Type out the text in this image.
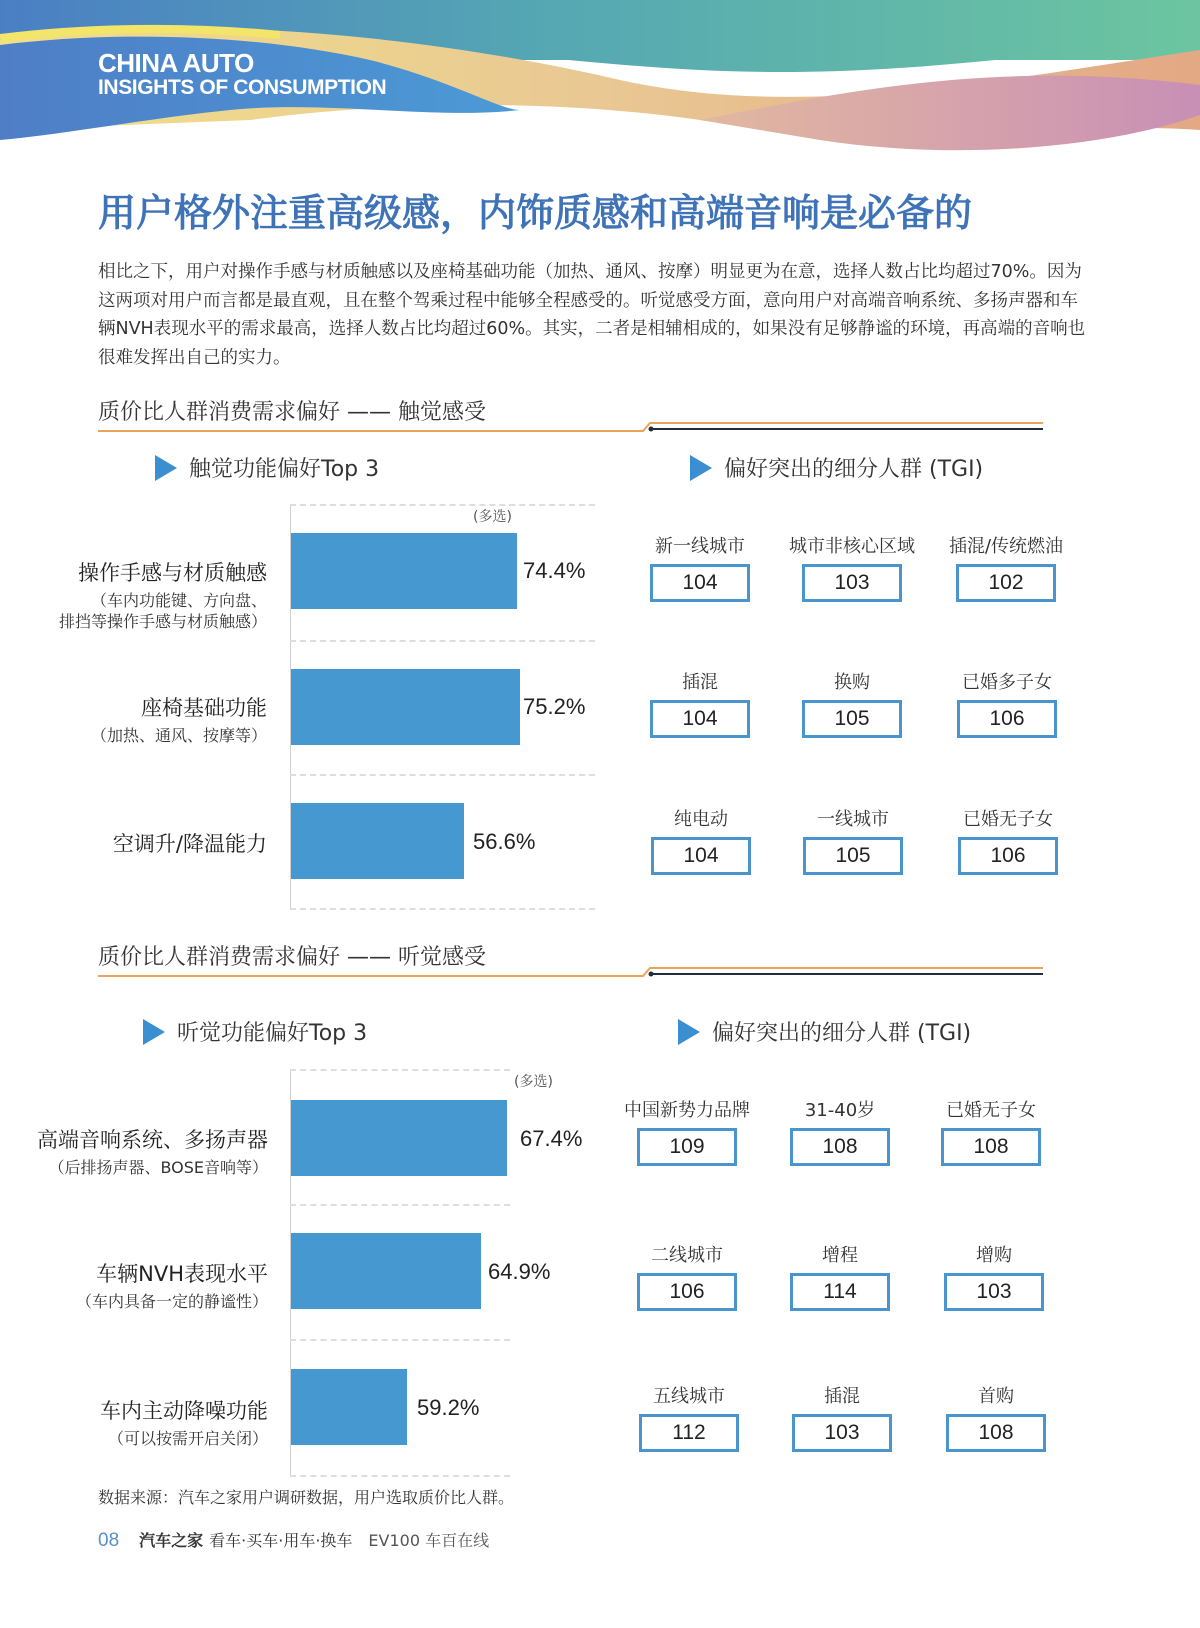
CHINA AUTO
INSIGHTS OF CONSUMPTION
用户格外注重高级感，内饰质感和高端音响是必备的

相比之下，用户对操作手感与材质触感以及座椅基础功能（加热、通风、按摩）明显更为在意，选择人数占比均超过70%。因为这两项对用户而言都是最直观，且在整个驾乘过程中能够全程感受的。听觉感受方面，意向用户对高端音响系统、多扬声器和车辆NVH表现水平的需求最高，选择人数占比均超过60%。其实，二者是相辅相成的，如果没有足够静谧的环境，再高端的音响也很难发挥出自己的实力。

质价比人群消费需求偏好 —— 触觉感受
触觉功能偏好Top 3	偏好突出的细分人群 (TGI)
(多选)
74.4%
75.2%
56.6%
操作手感与材质触感
（车内功能键、方向盘、
排挡等操作手感与材质触感）
座椅基础功能
（加热、通风、按摩等）
空调升/降温能力
新一线城市
104
城市非核心区域
103
插混/传统燃油
102
插混
104
换购
105
已婚多子女
106
纯电动
104
一线城市
105
已婚无子女
106
质价比人群消费需求偏好 —— 听觉感受
听觉功能偏好Top 3	偏好突出的细分人群 (TGI)
(多选)
67.4%
64.9%
59.2%
高端音响系统、多扬声器
（后排扬声器、BOSE音响等）
车辆NVH表现水平
（车内具备一定的静谧性）
车内主动降噪功能
（可以按需开启关闭）
中国新势力品牌
109
31-40岁
108
已婚无子女
108
二线城市
106
增程
114
增购
103
五线城市
112
插混
103
首购
108
数据来源：汽车之家用户调研数据，用户选取质价比人群。
08 汽车之家 看车·买车·用车·换车 EV100 车百在线
